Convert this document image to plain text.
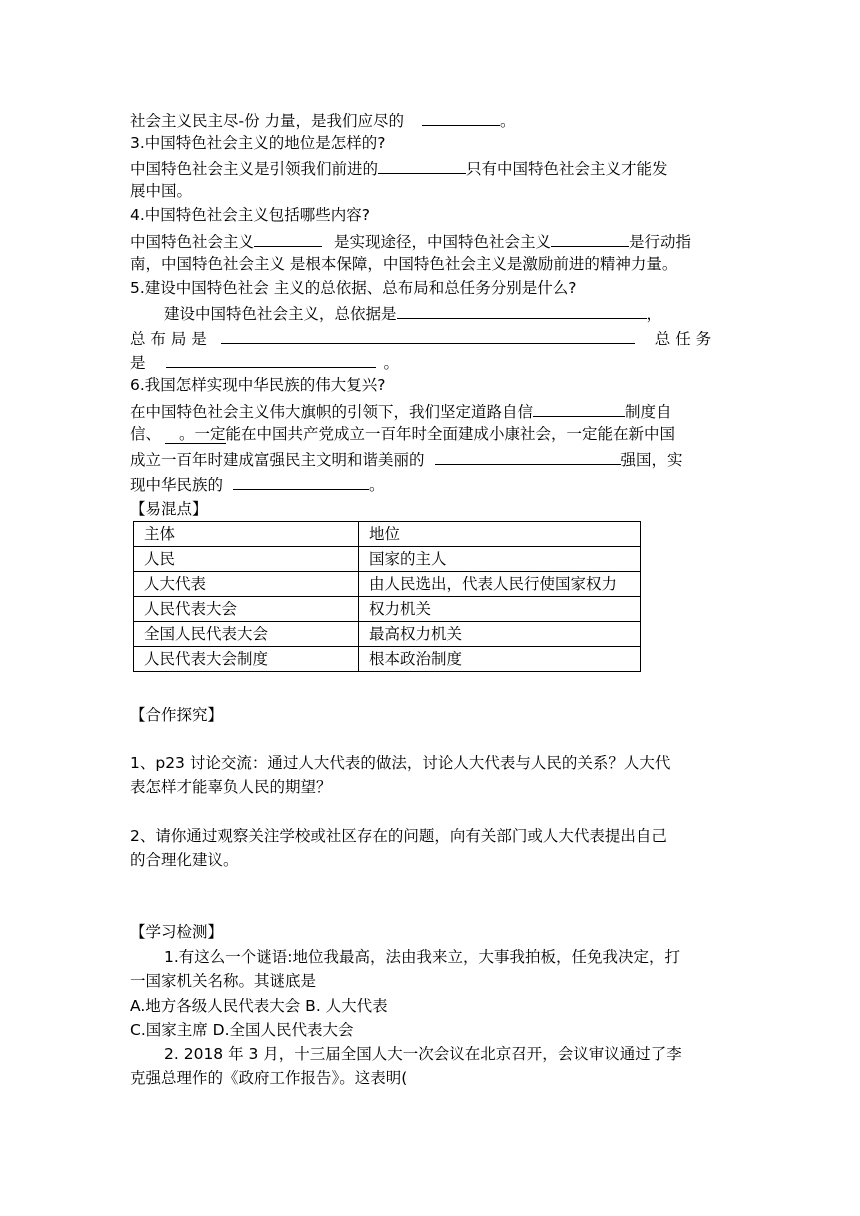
社会主义民主尽-份 力量，是我们应尽的	。
3.中国特色社会主义的地位是怎样的?
中国特色社会主义是引领我们前进的	只有中国特色社会主义才能发
展中国。
4.中国特色社会主义包括哪些内容?
中国特色社会主义	是实现途径，中国特色社会主义	是行动指
南，中国特色社会主义 是根本保障，中国特色社会主义是激励前进的精神力量。
5.建设中国特色社会 主义的总依据、总布局和总任务分别是什么?
建设中国特色社会主义，总依据是	，
总 布 局 是	总 任 务
是	。
6.我国怎样实现中华民族的伟大复兴?
在中国特色社会主义伟大旗帜的引领下，我们坚定道路自信	制度自
信、 。一定能在中国共产党成立一百年时全面建成小康社会，一定能在新中国
成立一百年时建成富强民主文明和谐美丽的	强国，实
现中华民族的	。
【易混点】
主体	地位
人民	国家的主人
人大代表	由人民选出，代表人民行使国家权力
人民代表大会	权力机关
全国人民代表大会	最高权力机关
人民代表大会制度	根本政治制度
【合作探究】
1、p23 讨论交流：通过人大代表的做法，讨论人大代表与人民的关系？人大代
表怎样才能辜负人民的期望？
2、请你通过观察关注学校或社区存在的问题，向有关部门或人大代表提出自己
的合理化建议。
【学习检测】
1.有这么一个谜语:地位我最高，法由我来立，大事我拍板，任免我决定，打
一国家机关名称。其谜底是
A.地方各级人民代表大会 B. 人大代表
C.国家主席 D.全国人民代表大会
2. 2018 年 3 月，十三届全国人大一次会议在北京召开，会议审议通过了李
克强总理作的《政府工作报告》。这表明(
